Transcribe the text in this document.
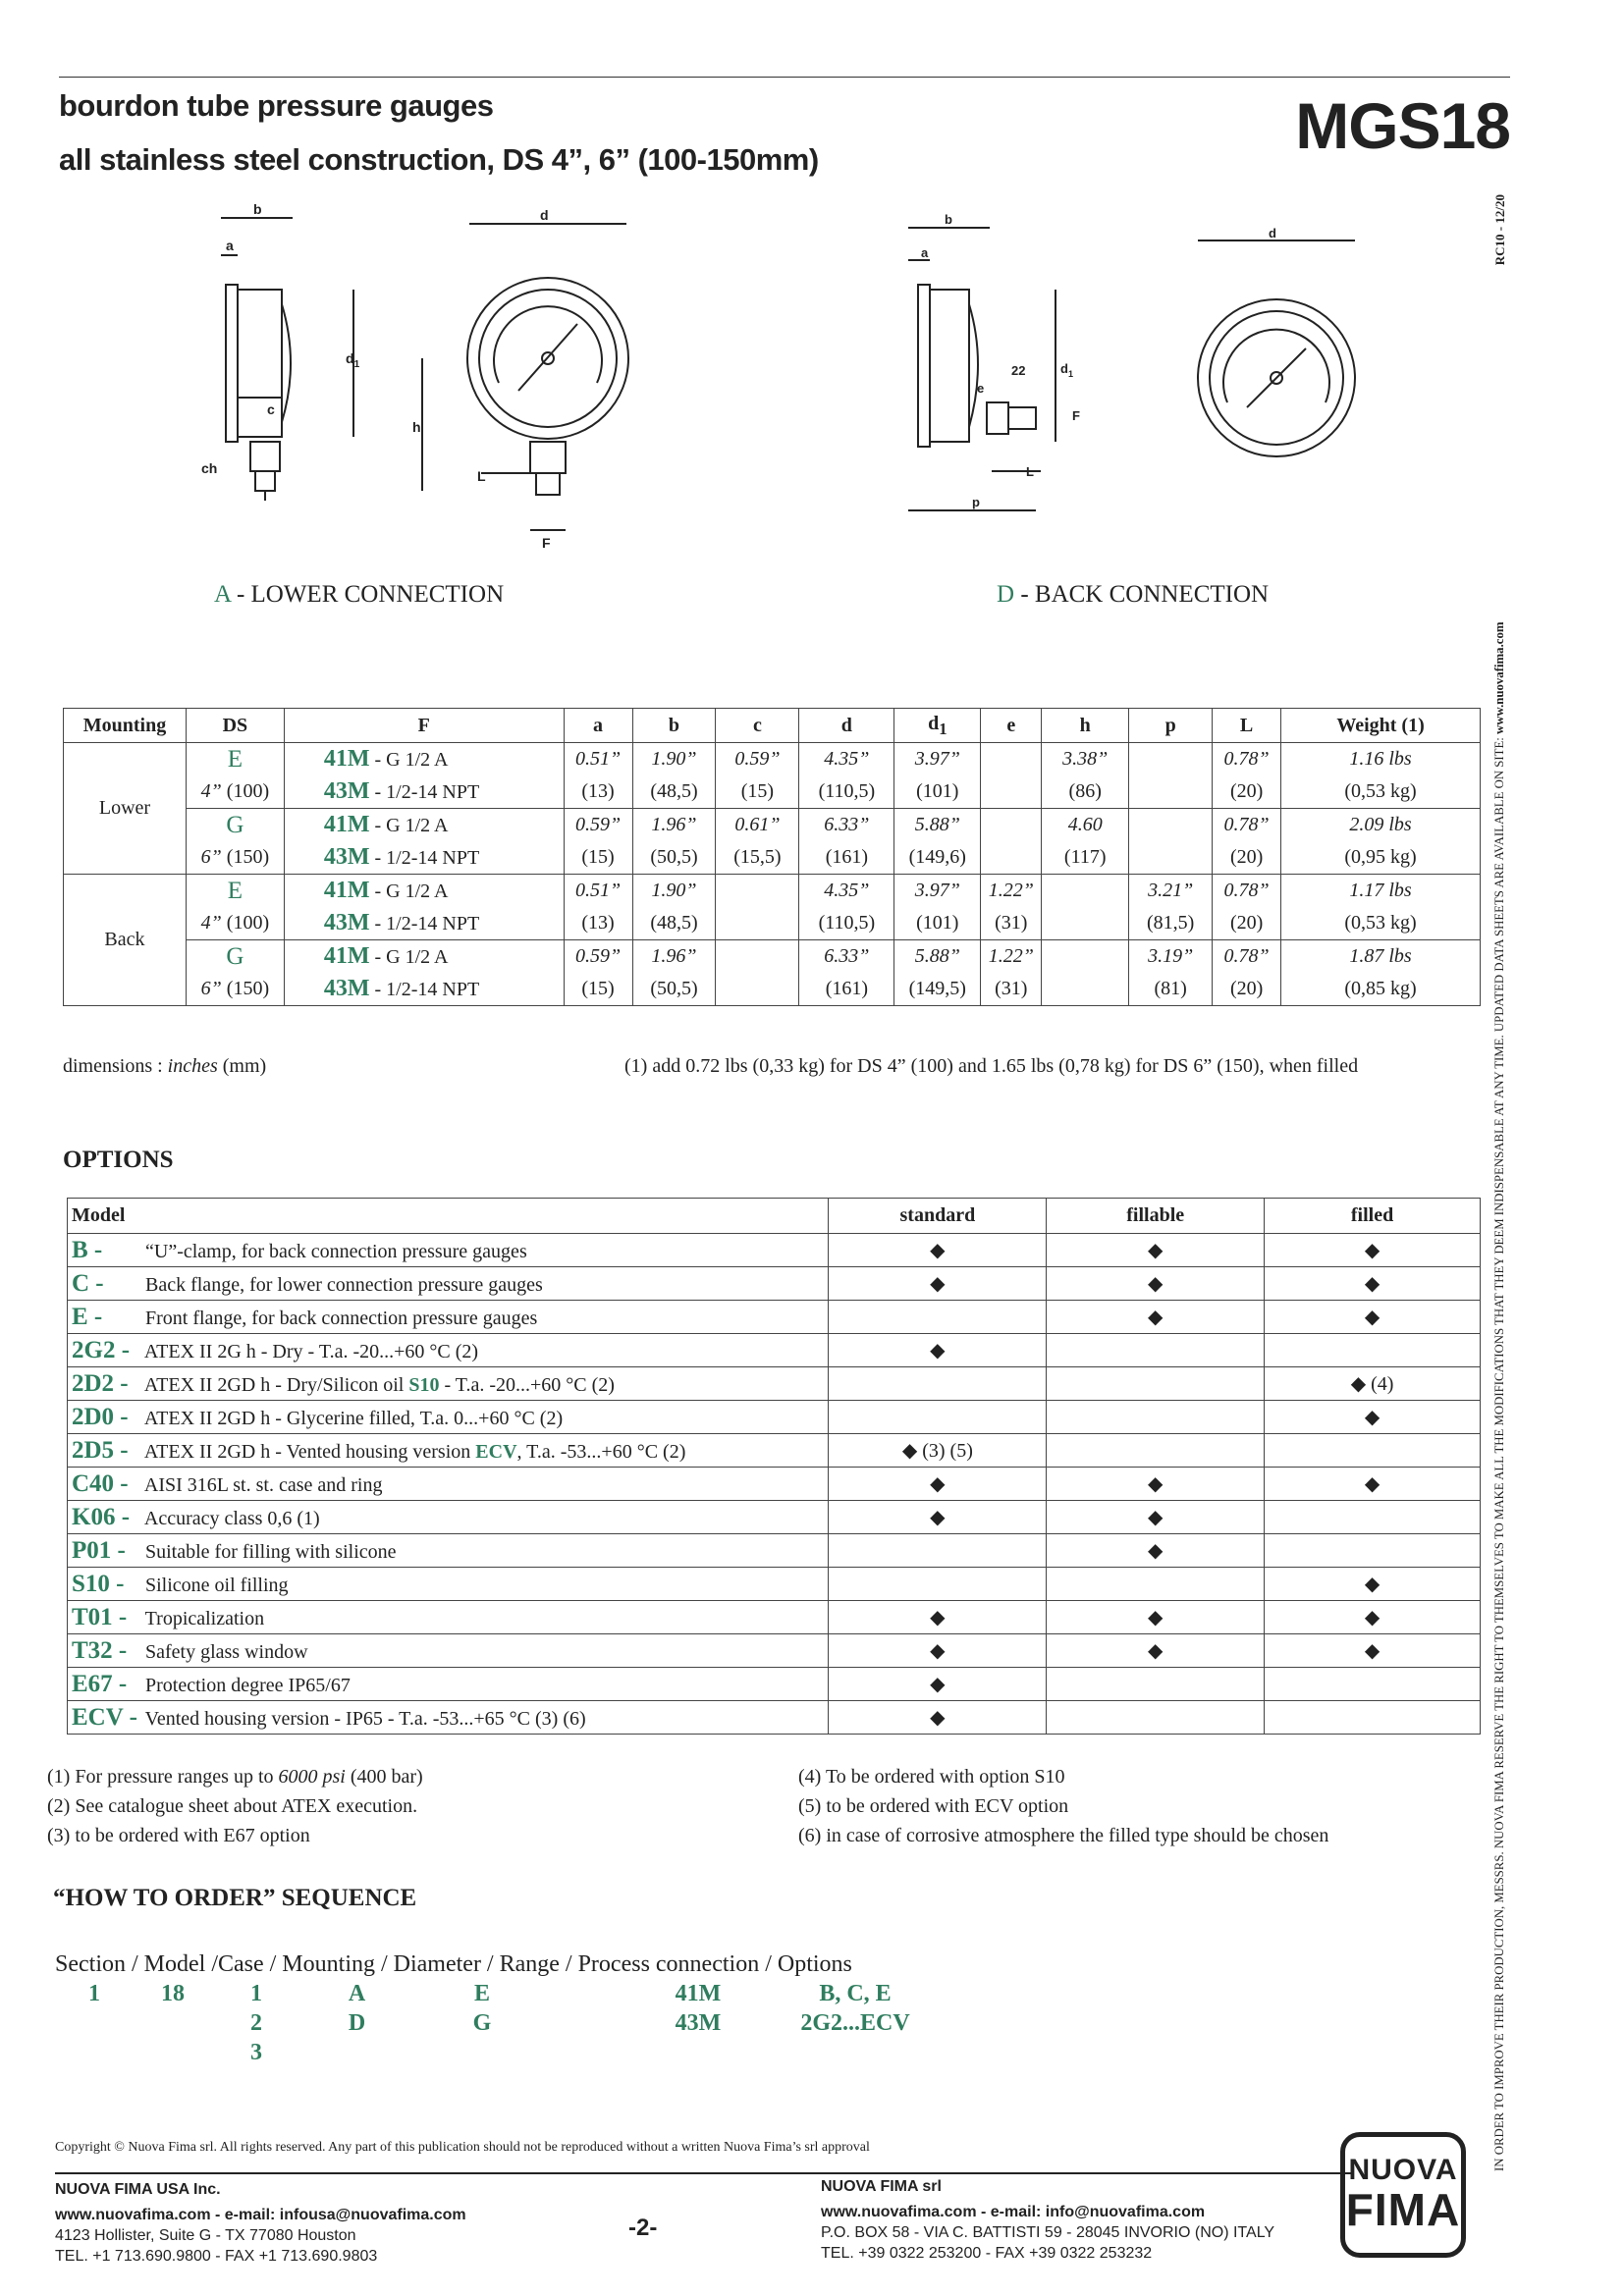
bourdon tube pressure gauges
all stainless steel construction, DS 4”, 6” (100-150mm)	MGS18
RC10 - 12/20
IN ORDER TO IMPROVE THEIR PRODUCTION, MESSRS. NUOVA FIMA RESERVE THE RIGHT TO THEMSELVES TO MAKE ALL THE MODIFICATIONS THAT THEY DEEM INDISPENSABLE AT ANY TIME. UPDATED DATA SHEETS ARE AVAILABLE ON SITE: www.nuovafima.com
b
a
d
$d_1$
c
ch
h
L
F
b
a
d
$d_1$
22
e
F
L
p
A - LOWER CONNECTION	D - BACK CONNECTION
Mounting	DS	F	a	b	c	d	$d_1$	e	h	p	L	Weight (1)
Lower	E	41M - G 1/2 A	0.51”	1.90”	0.59”	4.35”	3.97”		3.38”		0.78”	1.16 lbs
	4” (100)	43M - 1/2-14 NPT	(13)	(48,5)	(15)	(110,5)	(101)		(86)		(20)	(0,53 kg)
	G	41M - G 1/2 A	0.59”	1.96”	0.61”	6.33”	5.88”		4.60		0.78”	2.09 lbs
	6” (150)	43M - 1/2-14 NPT	(15)	(50,5)	(15,5)	(161)	(149,6)		(117)		(20)	(0,95 kg)
Back	E	41M - G 1/2 A	0.51”	1.90”		4.35”	3.97”	1.22”		3.21”	0.78”	1.17 lbs
	4” (100)	43M - 1/2-14 NPT	(13)	(48,5)		(110,5)	(101)	(31)		(81,5)	(20)	(0,53 kg)
	G	41M - G 1/2 A	0.59”	1.96”		6.33”	5.88”	1.22”		3.19”	0.78”	1.87 lbs
	6” (150)	43M - 1/2-14 NPT	(15)	(50,5)		(161)	(149,5)	(31)		(81)	(20)	(0,85 kg)
dimensions : inches (mm)	(1) add 0.72 lbs (0,33 kg) for DS 4” (100) and 1.65 lbs (0,78 kg) for DS 6” (150), when filled
OPTIONS
Model	standard	fillable	filled
B - “U”-clamp, for back connection pressure gauges	◆	◆	◆
C - Back flange, for lower connection pressure gauges	◆	◆	◆
E - Front flange, for back connection pressure gauges		◆	◆
2G2 - ATEX II 2G h - Dry - T.a. -20...+60 °C (2)	◆		
2D2 - ATEX II 2GD h - Dry/Silicon oil S10 - T.a. -20...+60 °C (2)			◆ (4)
2D0 - ATEX II 2GD h - Glycerine filled, T.a. 0...+60 °C (2)			◆
2D5 - ATEX II 2GD h - Vented housing version ECV, T.a. -53...+60 °C (2)	◆ (3) (5)		
C40 - AISI 316L st. st. case and ring	◆	◆	◆
K06 - Accuracy class 0,6 (1)	◆	◆	
P01 - Suitable for filling with silicone		◆	
S10 - Silicone oil filling			◆
T01 - Tropicalization	◆	◆	◆
T32 - Safety glass window	◆	◆	◆
E67 - Protection degree IP65/67	◆		
ECV - Vented housing version - IP65 - T.a. -53...+65 °C (3) (6)	◆		
(1) For pressure ranges up to 6000 psi (400 bar)
(2) See catalogue sheet about ATEX execution.
(3) to be ordered with E67 option
(4) To be ordered with option S10
(5) to be ordered with ECV option
(6) in case of corrosive atmosphere the filled type should be chosen
“HOW TO ORDER” SEQUENCE
Section / Model /Case / Mounting / Diameter / Range / Process connection / Options
1	18	1	A	E		41M	B, C, E
		2	D	G		43M	2G2...ECV
		3					
Copyright © Nuova Fima srl. All rights reserved. Any part of this publication should not be reproduced without a written Nuova Fima’s srl approval
NUOVA FIMA USA Inc.
www.nuovafima.com - e-mail: infousa@nuovafima.com
4123 Hollister, Suite G - TX 77080 Houston
TEL. +1 713.690.9800 - FAX +1 713.690.9803
-2-
NUOVA FIMA srl
www.nuovafima.com - e-mail: info@nuovafima.com
P.O. BOX 58 - VIA C. BATTISTI 59 - 28045 INVORIO (NO) ITALY
TEL. +39 0322 253200 - FAX +39 0322 253232
NUOVA
FIMA
